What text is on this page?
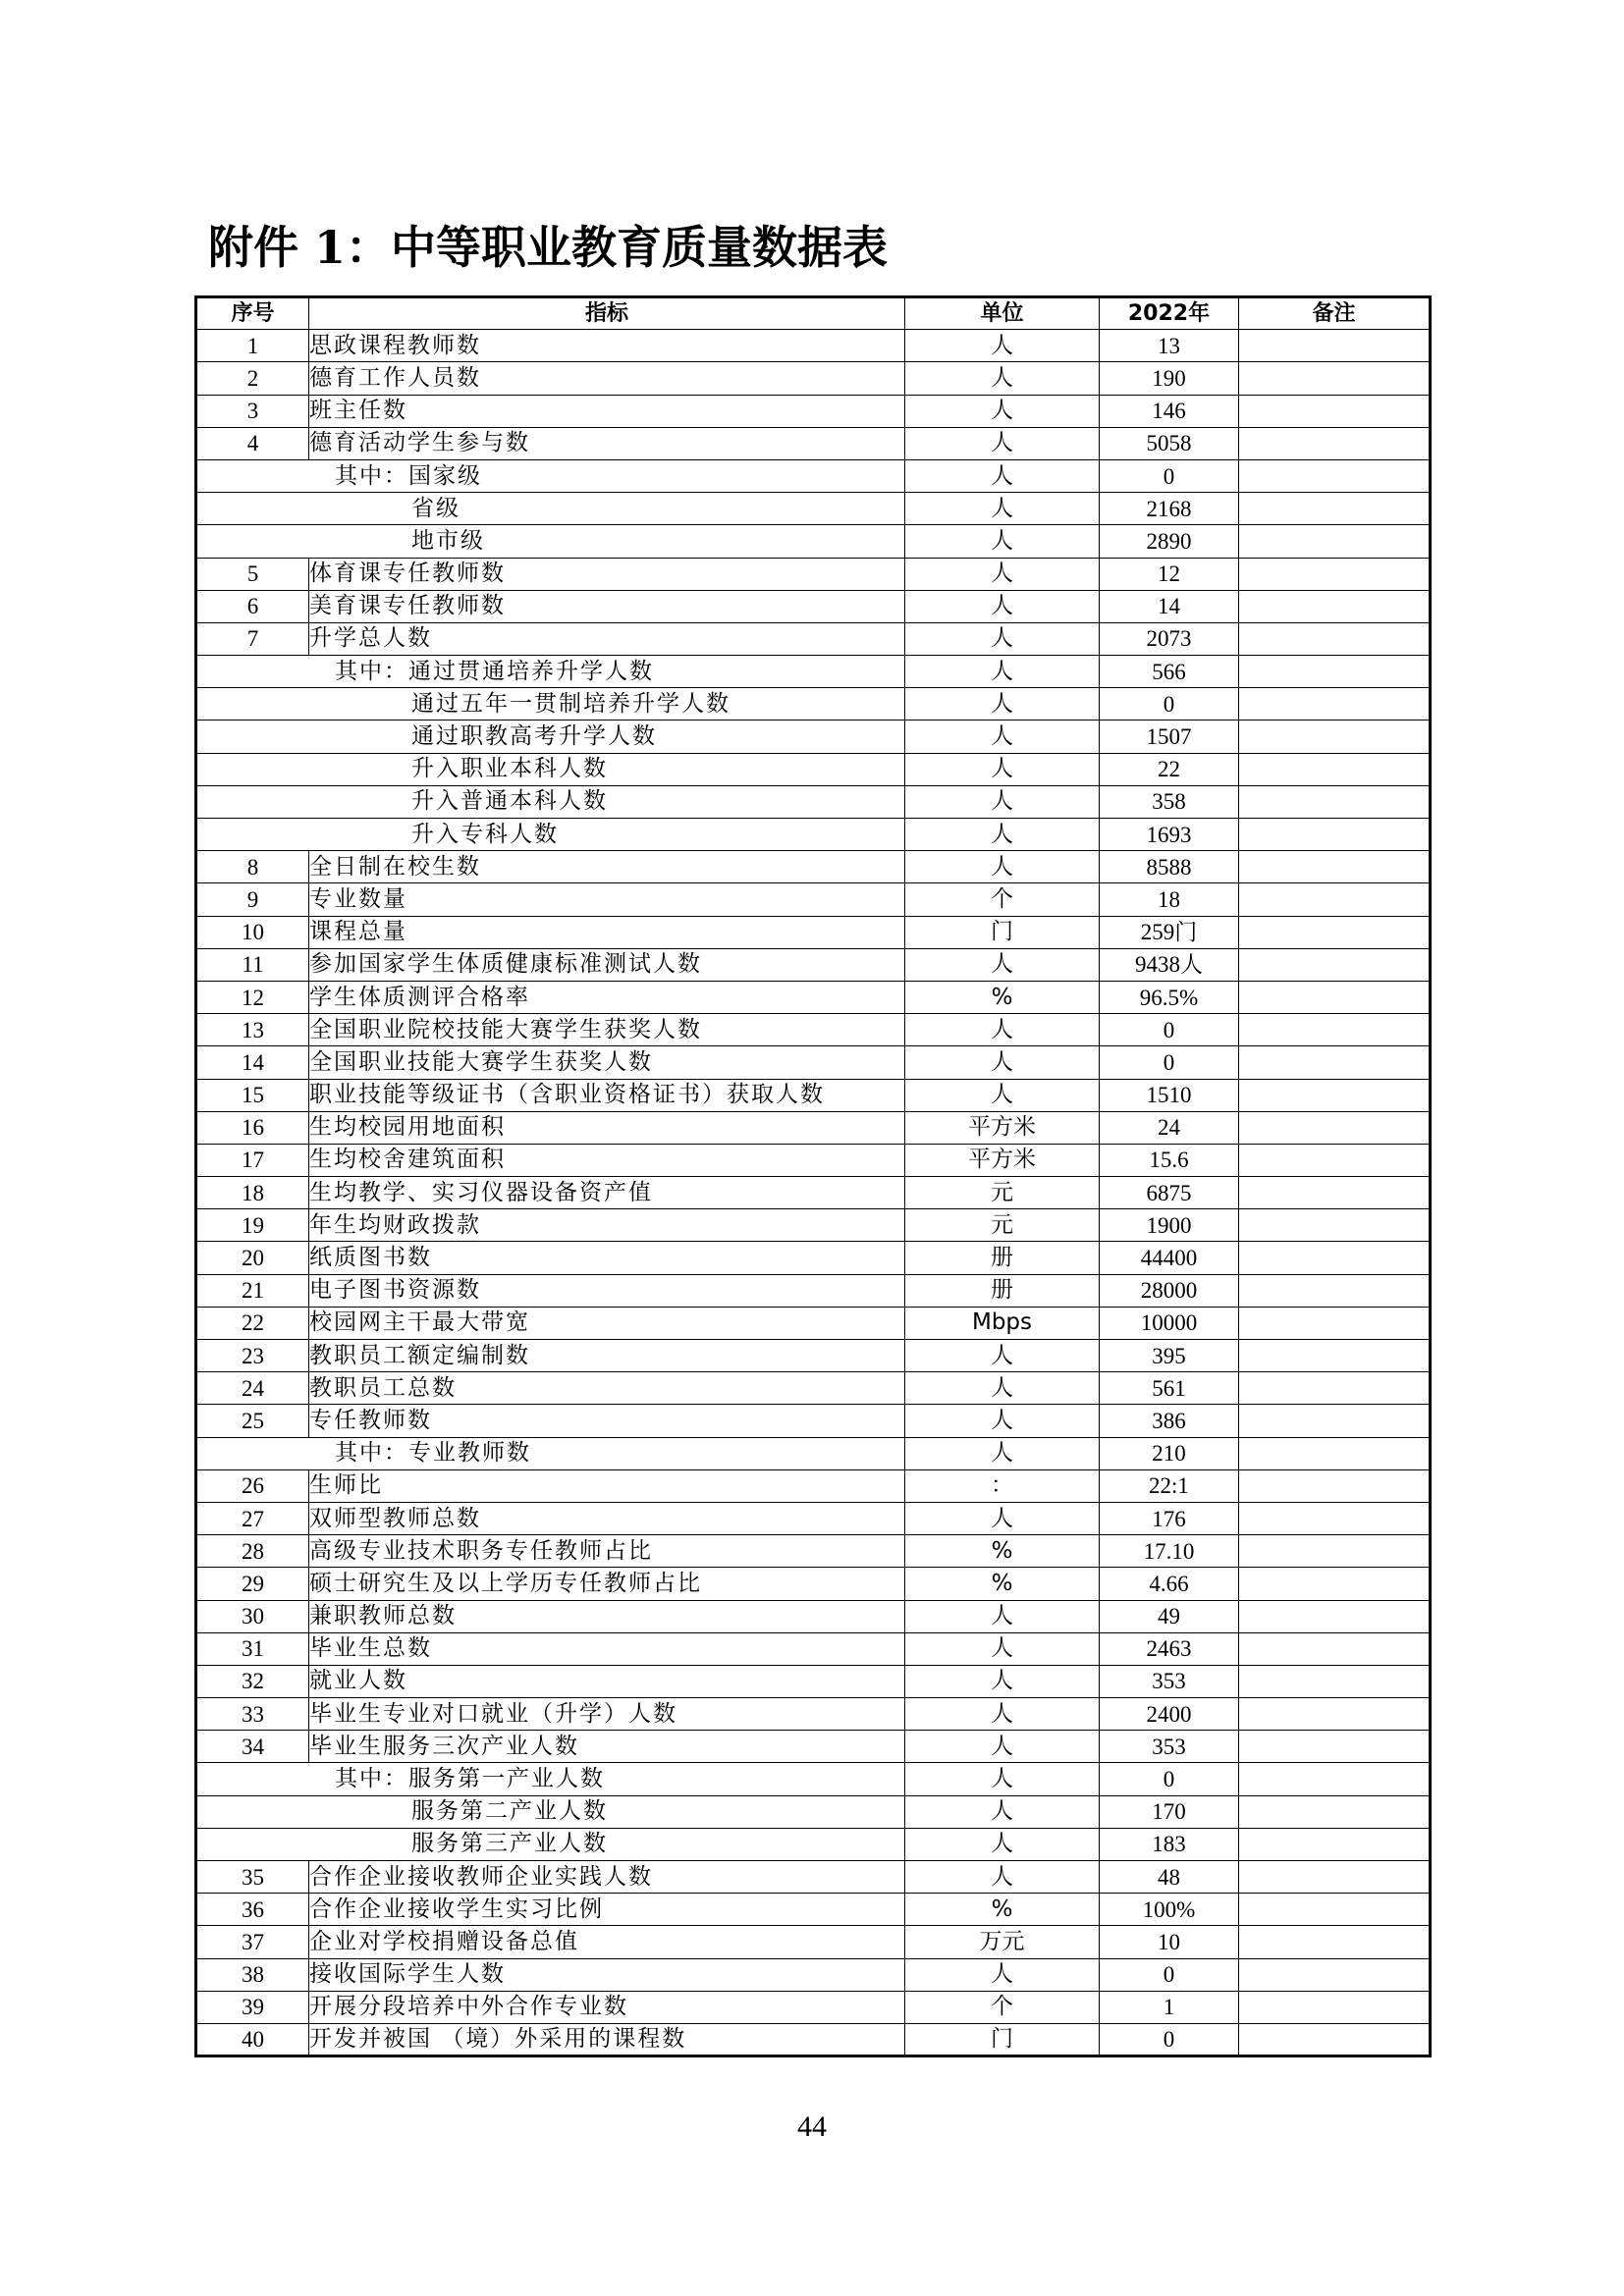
附件 1：中等职业教育质量数据表
序号	指标	单位	2022年	备注
1	思政课程教师数	人	13	
2	德育工作人员数	人	190	
3	班主任数	人	146	
4	德育活动学生参与数	人	5058	
其中：国家级		人	0	
省级		人	2168	
地市级		人	2890	
5	体育课专任教师数	人	12	
6	美育课专任教师数	人	14	
7	升学总人数	人	2073	
其中：通过贯通培养升学人数		人	566	
通过五年一贯制培养升学人数		人	0	
通过职教高考升学人数		人	1507	
升入职业本科人数		人	22	
升入普通本科人数		人	358	
升入专科人数		人	1693	
8	全日制在校生数	人	8588	
9	专业数量	个	18	
10	课程总量	门	259门	
11	参加国家学生体质健康标准测试人数	人	9438人	
12	学生体质测评合格率	%	96.5%	
13	全国职业院校技能大赛学生获奖人数	人	0	
14	全国职业技能大赛学生获奖人数	人	0	
15	职业技能等级证书（含职业资格证书）获取人数	人	1510	
16	生均校园用地面积	平方米	24	
17	生均校舍建筑面积	平方米	15.6	
18	生均教学、实习仪器设备资产值	元	6875	
19	年生均财政拨款	元	1900	
20	纸质图书数	册	44400	
21	电子图书资源数	册	28000	
22	校园网主干最大带宽	Mbps	10000	
23	教职员工额定编制数	人	395	
24	教职员工总数	人	561	
25	专任教师数	人	386	
其中：专业教师数		人	210	
26	生师比	：	22:1	
27	双师型教师总数	人	176	
28	高级专业技术职务专任教师占比	%	17.10	
29	硕士研究生及以上学历专任教师占比	%	4.66	
30	兼职教师总数	人	49	
31	毕业生总数	人	2463	
32	就业人数	人	353	
33	毕业生专业对口就业（升学）人数	人	2400	
34	毕业生服务三次产业人数	人	353	
其中：服务第一产业人数		人	0	
服务第二产业人数		人	170	
服务第三产业人数		人	183	
35	合作企业接收教师企业实践人数	人	48	
36	合作企业接收学生实习比例	%	100%	
37	企业对学校捐赠设备总值	万元	10	
38	接收国际学生人数	人	0	
39	开展分段培养中外合作专业数	个	1	
40	开发并被国 （境）外采用的课程数	门	0	
44
